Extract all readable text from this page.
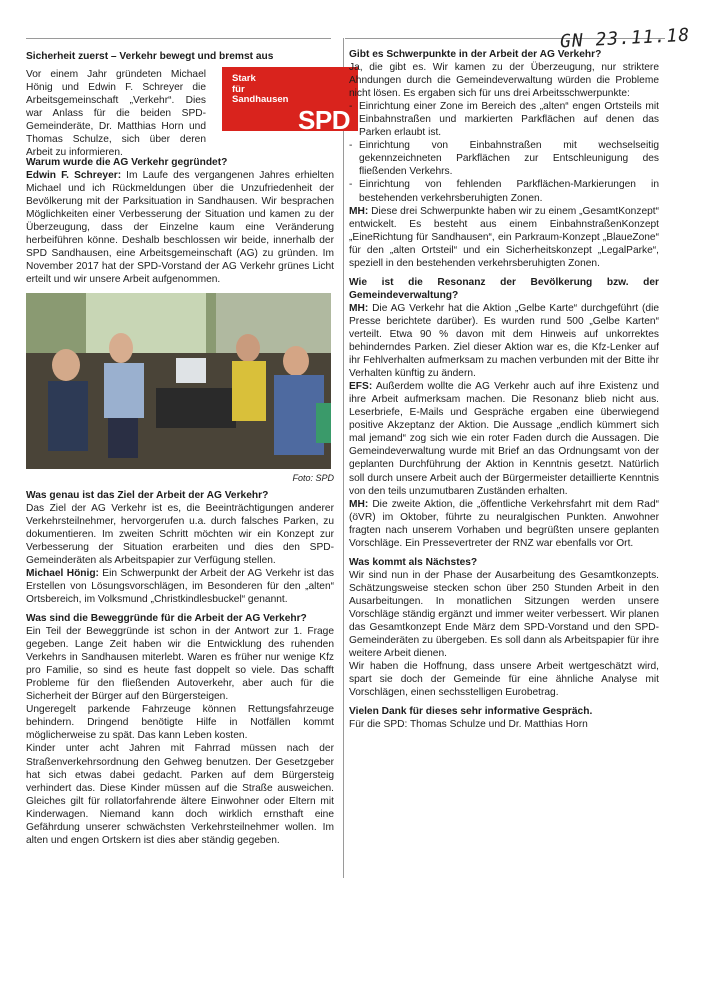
GN 23.11.18

Sicherheit zuerst – Verkehr bewegt und bremst aus

Vor einem Jahr gründeten Michael Hönig und Edwin F. Schreyer die Arbeitsgemeinschaft „Verkehr“. Dies war Anlass für die beiden SPD-Gemeinderäte, Dr. Matthias Horn und Thomas Schulze, sich über deren Arbeit zu informieren.

Stark
für
Sandhausen
SPD

Warum wurde die AG Verkehr gegründet?

Edwin F. Schreyer: Im Laufe des vergangenen Jahres erhielten Michael und ich Rückmeldungen über die Unzufriedenheit der Bevölkerung mit der Parksituation in Sandhausen. Wir besprachen Möglichkeiten einer Verbesserung der Situation und kamen zu der Überzeugung, dass der Einzelne kaum eine Veränderung herbeiführen könne. Deshalb beschlossen wir beide, innerhalb der SPD Sandhausen, eine Arbeitsgemeinschaft (AG) zu gründen. Im November 2017 hat der SPD-Vorstand der AG Verkehr grünes Licht erteilt und wir unsere Arbeit aufgenommen.

Foto: SPD

Was genau ist das Ziel der Arbeit der AG Verkehr?

Das Ziel der AG Verkehr ist es, die Beeinträchtigungen anderer Verkehrsteilnehmer, hervorgerufen u.a. durch falsches Parken, zu dokumentieren. Im zweiten Schritt möchten wir ein Konzept zur Verbesserung der Situation erarbeiten und dies den SPD-Gemeinderäten als Arbeitspapier zur Verfügung stellen.

Michael Hönig: Ein Schwerpunkt der Arbeit der AG Verkehr ist das Erstellen von Lösungsvorschlägen, im Besonderen für den „alten“ Ortsbereich, im Volksmund „Christkindlesbuckel“ genannt.

Was sind die Beweggründe für die Arbeit der AG Verkehr?

Ein Teil der Beweggründe ist schon in der Antwort zur 1. Frage gegeben. Lange Zeit haben wir die Entwicklung des ruhenden Verkehrs in Sandhausen miterlebt. Waren es früher nur wenige Kfz pro Familie, so sind es heute fast doppelt so viele. Das schafft Probleme für den fließenden Autoverkehr, aber auch für die Sicherheit der Bürger auf den Bürgersteigen.

Ungeregelt parkende Fahrzeuge können Rettungsfahrzeuge behindern. Dringend benötigte Hilfe in Notfällen kommt möglicherweise zu spät. Das kann Leben kosten.

Kinder unter acht Jahren mit Fahrrad müssen nach der Straßenverkehrsordnung den Gehweg benutzen. Der Gesetzgeber hat sich etwas dabei gedacht. Parken auf dem Bürgersteig verhindert das. Diese Kinder müssen auf die Straße ausweichen. Gleiches gilt für rollatorfahrende ältere Einwohner oder Eltern mit Kinderwagen. Niemand kann doch wirklich ernsthaft eine Gefährdung unserer schwächsten Verkehrsteilnehmer wollen. Im alten und engen Ortskern ist dies aber ständig gegeben.

Gibt es Schwerpunkte in der Arbeit der AG Verkehr?

Ja, die gibt es. Wir kamen zu der Überzeugung, nur striktere Ahndungen durch die Gemeindeverwaltung würden die Probleme nicht lösen. Es ergaben sich für uns drei Arbeitsschwerpunkte:

- Einrichtung einer Zone im Bereich des „alten“ engen Ortsteils mit Einbahnstraßen und markierten Parkflächen auf denen das Parken erlaubt ist.
- Einrichtung von Einbahnstraßen mit wechselseitig gekennzeichneten Parkflächen zur Entschleunigung des fließenden Verkehrs.
- Einrichtung von fehlenden Parkflächen-Markierungen in bestehenden verkehrsberuhigten Zonen.

MH: Diese drei Schwerpunkte haben wir zu einem „GesamtKonzept“ entwickelt. Es besteht aus einem EinbahnstraßenKonzept „EineRichtung für Sandhausen“, ein Parkraum-Konzept „BlaueZone“ für den „alten Ortsteil“ und ein Sicherheitskonzept „LegalParke“, speziell in den bestehenden verkehrsberuhigten Zonen.

Wie ist die Resonanz der Bevölkerung bzw. der Gemeindeverwaltung?

MH: Die AG Verkehr hat die Aktion „Gelbe Karte“ durchgeführt (die Presse berichtete darüber). Es wurden rund 500 „Gelbe Karten“ verteilt. Etwa 90 % davon mit dem Hinweis auf unkorrektes behinderndes Parken. Ziel dieser Aktion war es, die Kfz-Lenker auf ihr Fehlverhalten aufmerksam zu machen verbunden mit der Bitte ihr Verhalten künftig zu ändern.

EFS: Außerdem wollte die AG Verkehr auch auf ihre Existenz und ihre Arbeit aufmerksam machen. Die Resonanz blieb nicht aus. Leserbriefe, E-Mails und Gespräche ergaben eine überwiegend positive Akzeptanz der Aktion. Die Aussage „endlich kümmert sich mal jemand“ zog sich wie ein roter Faden durch die Aussagen. Die Gemeindeverwaltung wurde mit Brief an das Ordnungsamt von der geplanten Durchführung der Aktion in Kenntnis gesetzt. Natürlich soll durch unsere Arbeit auch der Bürgermeister detaillierte Kenntnis von den teils unzumutbaren Zuständen erhalten.

MH: Die zweite Aktion, die „öffentliche Verkehrsfahrt mit dem Rad“ (öVR) im Oktober, führte zu neuralgischen Punkten. Anwohner fragten nach unserem Vorhaben und begrüßten unsere geplanten Vorschläge. Ein Pressevertreter der RNZ war ebenfalls vor Ort.

Was kommt als Nächstes?

Wir sind nun in der Phase der Ausarbeitung des Gesamtkonzepts. Schätzungsweise stecken schon über 250 Stunden Arbeit in den Ausarbeitungen. In monatlichen Sitzungen werden unsere Vorschläge ständig ergänzt und immer weiter verbessert. Wir planen das Gesamtkonzept Ende März dem SPD-Vorstand und den SPD-Gemeinderäten zu übergeben. Es soll dann als Arbeitspapier für ihre weitere Arbeit dienen.

Wir haben die Hoffnung, dass unsere Arbeit wertgeschätzt wird, spart sie doch der Gemeinde für eine ähnliche Analyse mit Vorschlägen, einen sechsstelligen Eurobetrag.

Vielen Dank für dieses sehr informative Gespräch.

Für die SPD: Thomas Schulze und Dr. Matthias Horn
